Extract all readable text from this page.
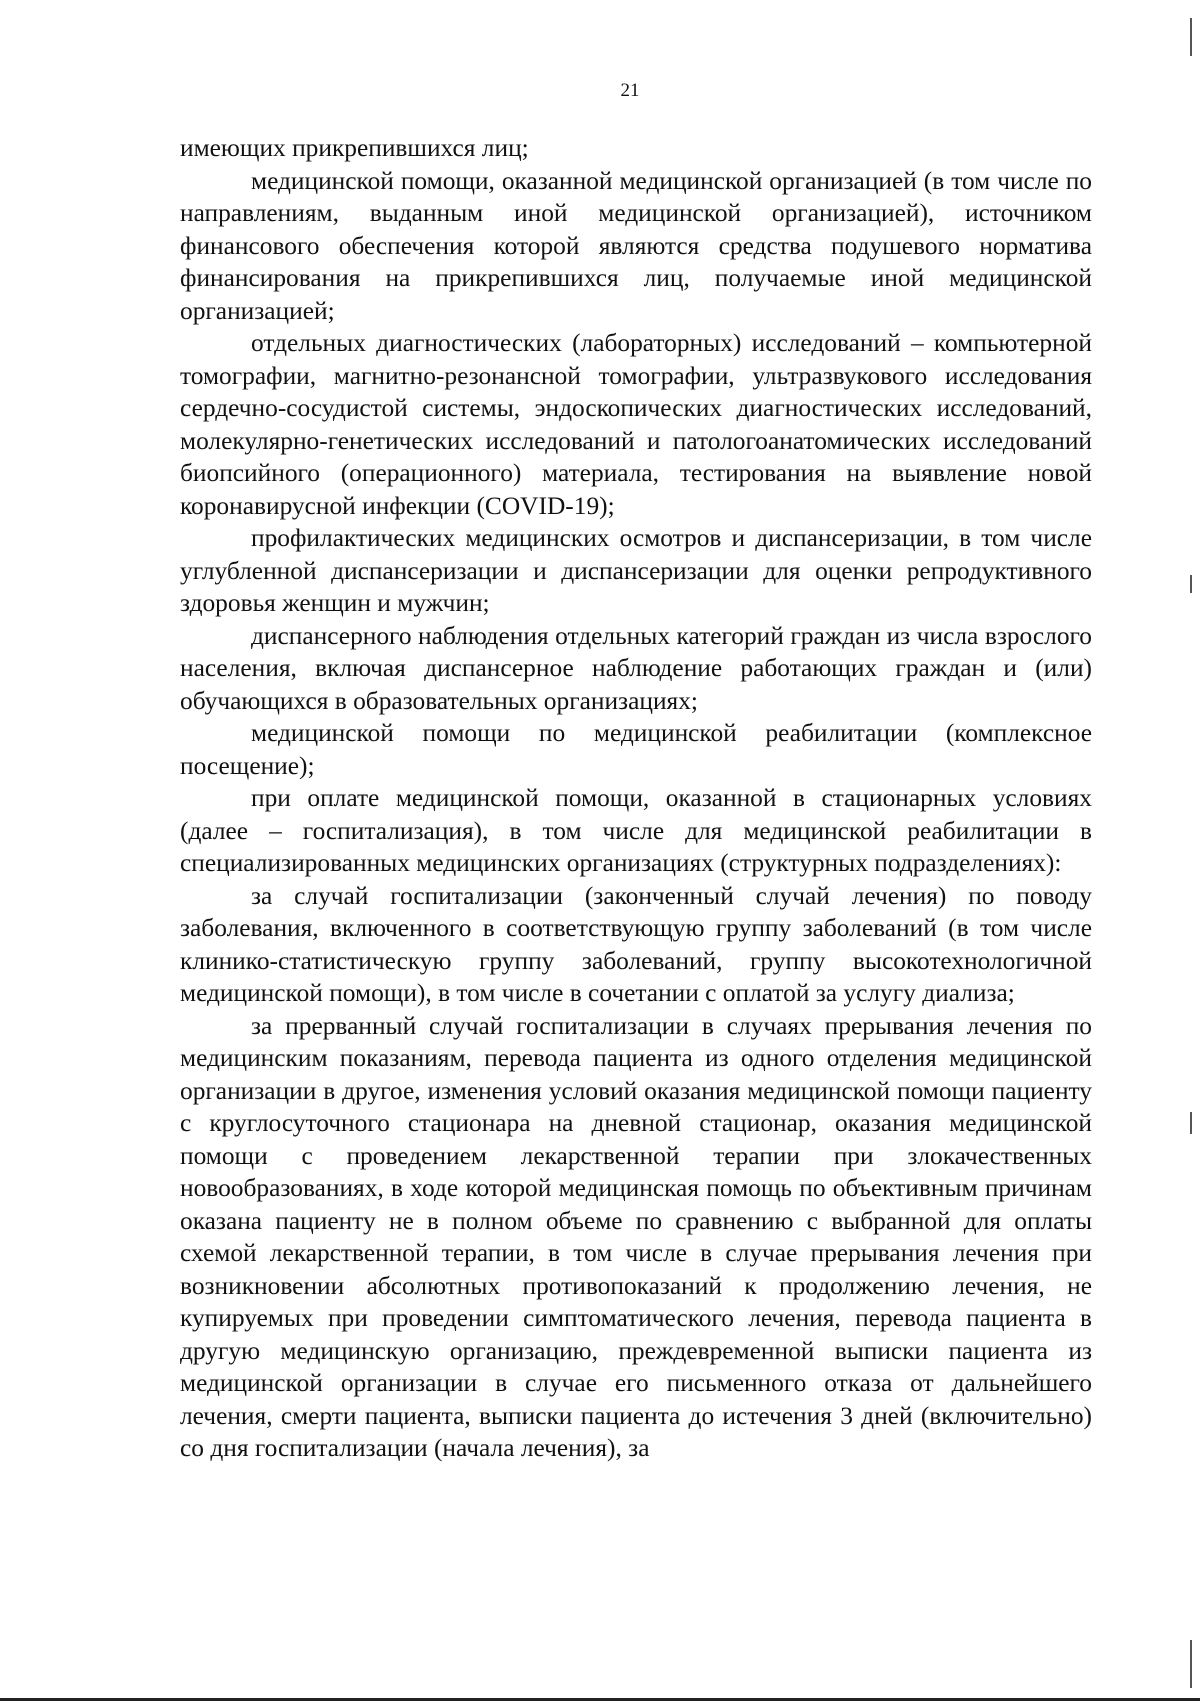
21

имеющих прикрепившихся лиц;

медицинской помощи, оказанной медицинской организацией (в том числе по направлениям, выданным иной медицинской организацией), источником финансового обеспечения которой являются средства подушевого норматива финансирования на прикрепившихся лиц, получаемые иной медицинской организацией;

отдельных диагностических (лабораторных) исследований – компьютерной томографии, магнитно-резонансной томографии, ультразвукового исследования сердечно-сосудистой системы, эндоскопических диагностических исследований, молекулярно-генетических исследований и патологоанатомических исследований биопсийного (операционного) материала, тестирования на выявление новой коронавирусной инфекции (COVID-19);

профилактических медицинских осмотров и диспансеризации, в том числе углубленной диспансеризации и диспансеризации для оценки репродуктивного здоровья женщин и мужчин;

диспансерного наблюдения отдельных категорий граждан из числа взрослого населения, включая диспансерное наблюдение работающих граждан и (или) обучающихся в образовательных организациях;

медицинской помощи по медицинской реабилитации (комплексное посещение);

при оплате медицинской помощи, оказанной в стационарных условиях (далее – госпитализация), в том числе для медицинской реабилитации в специализированных медицинских организациях (структурных подразделениях):

за случай госпитализации (законченный случай лечения) по поводу заболевания, включенного в соответствующую группу заболеваний (в том числе клинико-статистическую группу заболеваний, группу высокотехнологичной медицинской помощи), в том числе в сочетании с оплатой за услугу диализа;

за прерванный случай госпитализации в случаях прерывания лечения по медицинским показаниям, перевода пациента из одного отделения медицинской организации в другое, изменения условий оказания медицинской помощи пациенту с круглосуточного стационара на дневной стационар, оказания медицинской помощи с проведением лекарственной терапии при злокачественных новообразованиях, в ходе которой медицинская помощь по объективным причинам оказана пациенту не в полном объеме по сравнению с выбранной для оплаты схемой лекарственной терапии, в том числе в случае прерывания лечения при возникновении абсолютных противопоказаний к продолжению лечения, не купируемых при проведении симптоматического лечения, перевода пациента в другую медицинскую организацию, преждевременной выписки пациента из медицинской организации в случае его письменного отказа от дальнейшего лечения, смерти пациента, выписки пациента до истечения 3 дней (включительно) со дня госпитализации (начала лечения), за
